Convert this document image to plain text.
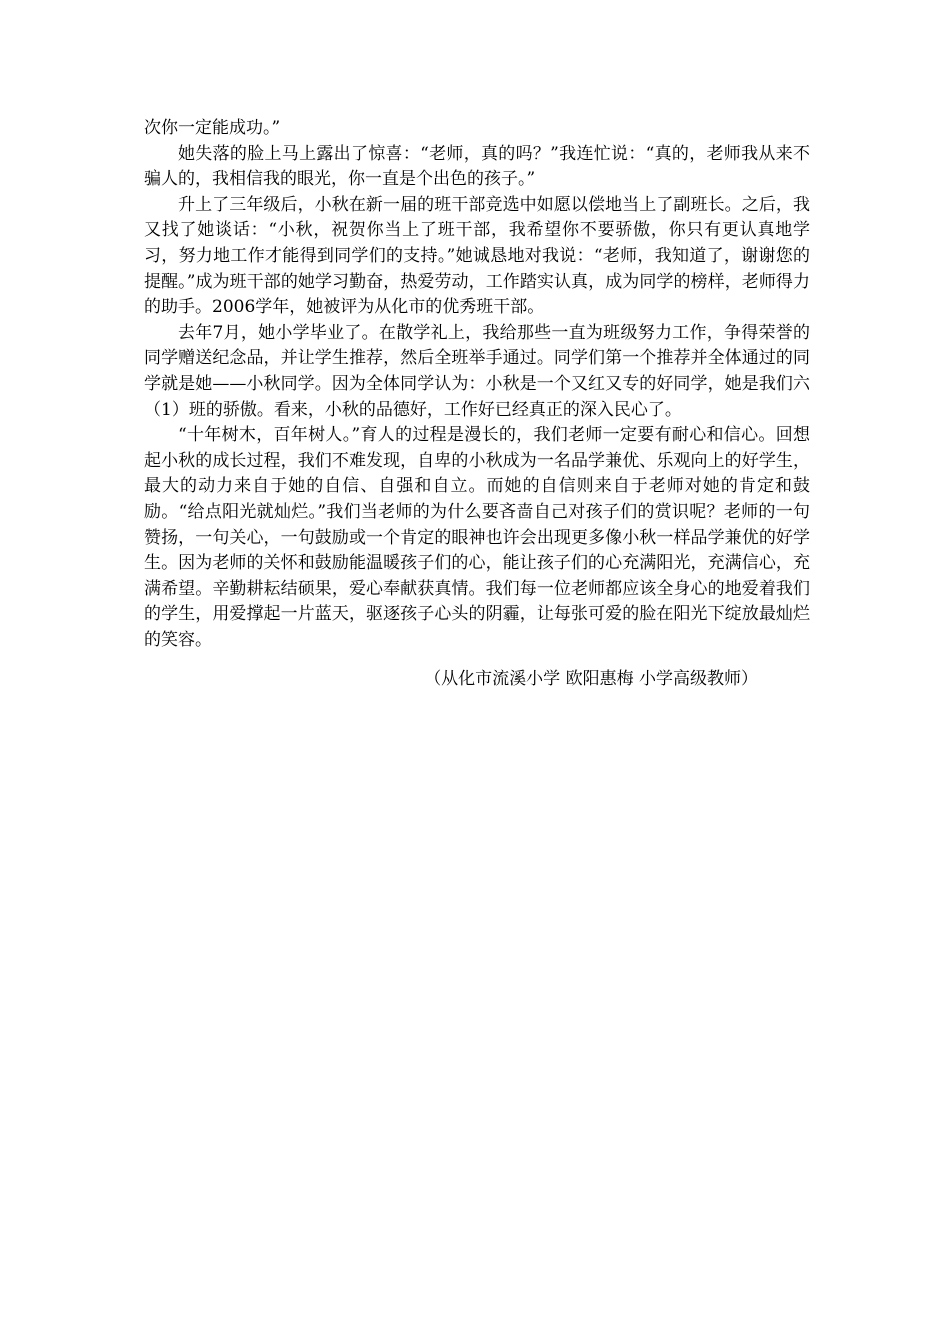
次你一定能成功。”

她失落的脸上马上露出了惊喜：“老师，真的吗？”我连忙说：“真的，老师我从来不骗人的，我相信我的眼光，你一直是个出色的孩子。”

升上了三年级后，小秋在新一届的班干部竞选中如愿以偿地当上了副班长。之后，我又找了她谈话：“小秋，祝贺你当上了班干部，我希望你不要骄傲，你只有更认真地学习，努力地工作才能得到同学们的支持。”她诚恳地对我说：“老师，我知道了，谢谢您的提醒。”成为班干部的她学习勤奋，热爱劳动，工作踏实认真，成为同学的榜样，老师得力的助手。2006学年，她被评为从化市的优秀班干部。

去年7月，她小学毕业了。在散学礼上，我给那些一直为班级努力工作，争得荣誉的同学赠送纪念品，并让学生推荐，然后全班举手通过。同学们第一个推荐并全体通过的同学就是她——小秋同学。因为全体同学认为：小秋是一个又红又专的好同学，她是我们六（1）班的骄傲。看来，小秋的品德好，工作好已经真正的深入民心了。

“十年树木，百年树人。”育人的过程是漫长的，我们老师一定要有耐心和信心。回想起小秋的成长过程，我们不难发现，自卑的小秋成为一名品学兼优、乐观向上的好学生，最大的动力来自于她的自信、自强和自立。而她的自信则来自于老师对她的肯定和鼓励。“给点阳光就灿烂。”我们当老师的为什么要吝啬自己对孩子们的赏识呢？老师的一句赞扬，一句关心，一句鼓励或一个肯定的眼神也许会出现更多像小秋一样品学兼优的好学生。因为老师的关怀和鼓励能温暖孩子们的心，能让孩子们的心充满阳光，充满信心，充满希望。辛勤耕耘结硕果，爱心奉献获真情。我们每一位老师都应该全身心的地爱着我们的学生，用爱撑起一片蓝天，驱逐孩子心头的阴霾，让每张可爱的脸在阳光下绽放最灿烂的笑容。

（从化市流溪小学 欧阳惠梅 小学高级教师）
